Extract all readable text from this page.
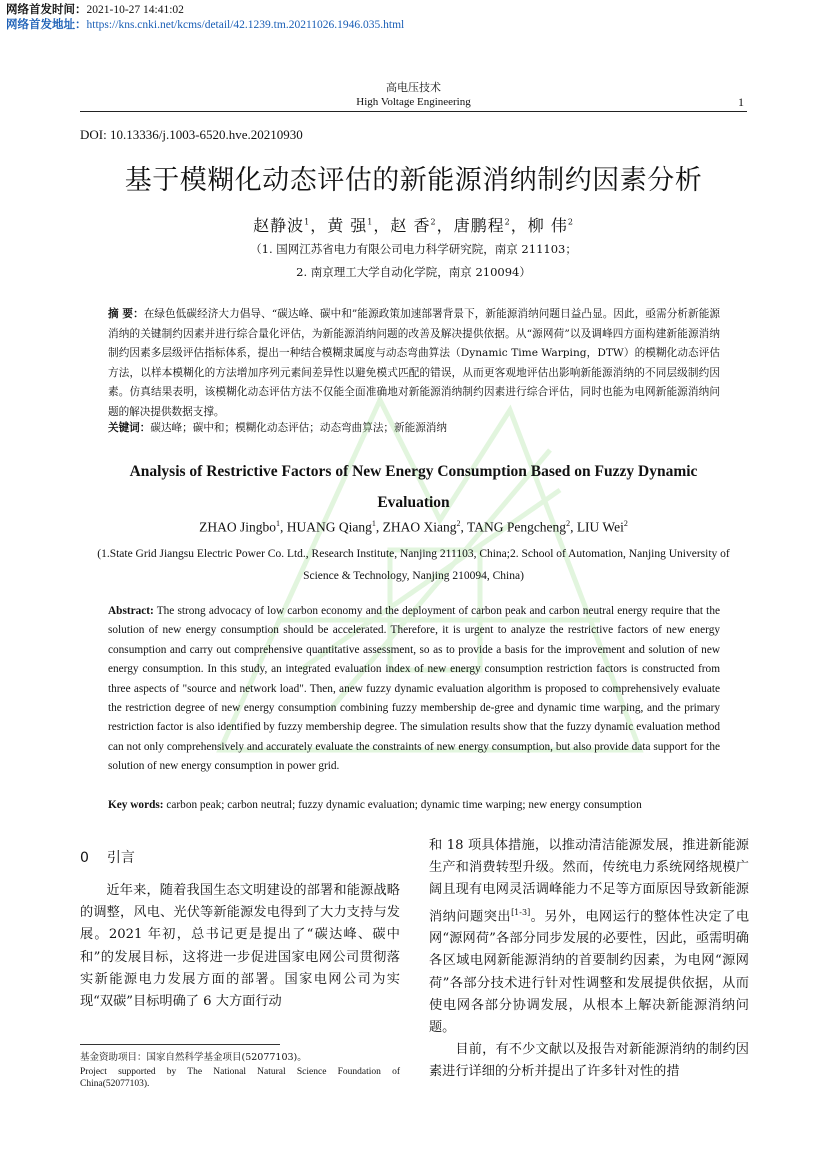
网络首发时间：2021-10-27 14:41:02
网络首发地址：https://kns.cnki.net/kcms/detail/42.1239.tm.20211026.1946.035.html
高电压技术
High Voltage Engineering	1
DOI: 10.13336/j.1003-6520.hve.20210930
基于模糊化动态评估的新能源消纳制约因素分析
赵静波$^1$，黄 强$^1$，赵 香$^2$，唐鹏程$^2$，柳 伟$^2$
（1. 国网江苏省电力有限公司电力科学研究院，南京 211103；
2. 南京理工大学自动化学院，南京 210094）
摘 要：在绿色低碳经济大力倡导、“碳达峰、碳中和”能源政策加速部署背景下，新能源消纳问题日益凸显。因此，亟需分析新能源消纳的关键制约因素并进行综合量化评估，为新能源消纳问题的改善及解决提供依据。从“源网荷”以及调峰四方面构建新能源消纳制约因素多层级评估指标体系，提出一种结合模糊隶属度与动态弯曲算法（Dynamic Time Warping，DTW）的模糊化动态评估方法，以样本模糊化的方法增加序列元素间差异性以避免模式匹配的错误，从而更客观地评估出影响新能源消纳的不同层级制约因素。仿真结果表明，该模糊化动态评估方法不仅能全面准确地对新能源消纳制约因素进行综合评估，同时也能为电网新能源消纳问题的解决提供数据支撑。
关键词：碳达峰；碳中和；模糊化动态评估；动态弯曲算法；新能源消纳
Analysis of Restrictive Factors of New Energy Consumption Based on Fuzzy Dynamic Evaluation
ZHAO Jingbo$^1$, HUANG Qiang$^1$, ZHAO Xiang$^2$, TANG Pengcheng$^2$, LIU Wei$^2$
(1.State Grid Jiangsu Electric Power Co. Ltd., Research Institute, Nanjing 211103, China;2. School of Automation, Nanjing University of Science & Technology, Nanjing 210094, China)
Abstract: The strong advocacy of low carbon economy and the deployment of carbon peak and carbon neutral energy require that the solution of new energy consumption should be accelerated. Therefore, it is urgent to analyze the restrictive factors of new energy consumption and carry out comprehensive quantitative assessment, so as to provide a basis for the improvement and solution of new energy consumption. In this study, an integrated evaluation index of new energy consumption restriction factors is constructed from three aspects of "source and network load". Then, anew fuzzy dynamic evaluation algorithm is proposed to comprehensively evaluate the restriction degree of new energy consumption combining fuzzy membership de-gree and dynamic time warping, and the primary restriction factor is also identified by fuzzy membership degree. The simulation results show that the fuzzy dynamic evaluation method can not only comprehensively and accurately evaluate the constraints of new energy consumption, but also provide data support for the solution of new energy consumption in power grid.
Key words: carbon peak; carbon neutral; fuzzy dynamic evaluation; dynamic time warping; new energy consumption
0 引言
近年来，随着我国生态文明建设的部署和能源战略的调整，风电、光伏等新能源发电得到了大力支持与发展。2021 年初，总书记更是提出了“碳达峰、碳中和”的发展目标，这将进一步促进国家电网公司贯彻落实新能源电力发展方面的部署。国家电网公司为实现“双碳”目标明确了 6 大方面行动
和 18 项具体措施，以推动清洁能源发展，推进新能源生产和消费转型升级。然而，传统电力系统网络规模广阔且现有电网灵活调峰能力不足等方面原因导致新能源消纳问题突出[1-3]。另外，电网运行的整体性决定了电网“源网荷”各部分同步发展的必要性，因此，亟需明确各区域电网新能源消纳的首要制约因素，为电网“源网荷”各部分技术进行针对性调整和发展提供依据，从而使电网各部分协调发展，从根本上解决新能源消纳问题。
目前，有不少文献以及报告对新能源消纳的制约因素进行详细的分析并提出了许多针对性的措
基金资助项目：国家自然科学基金项目(52077103)。
Project supported by The National Natural Science Foundation of China(52077103).
